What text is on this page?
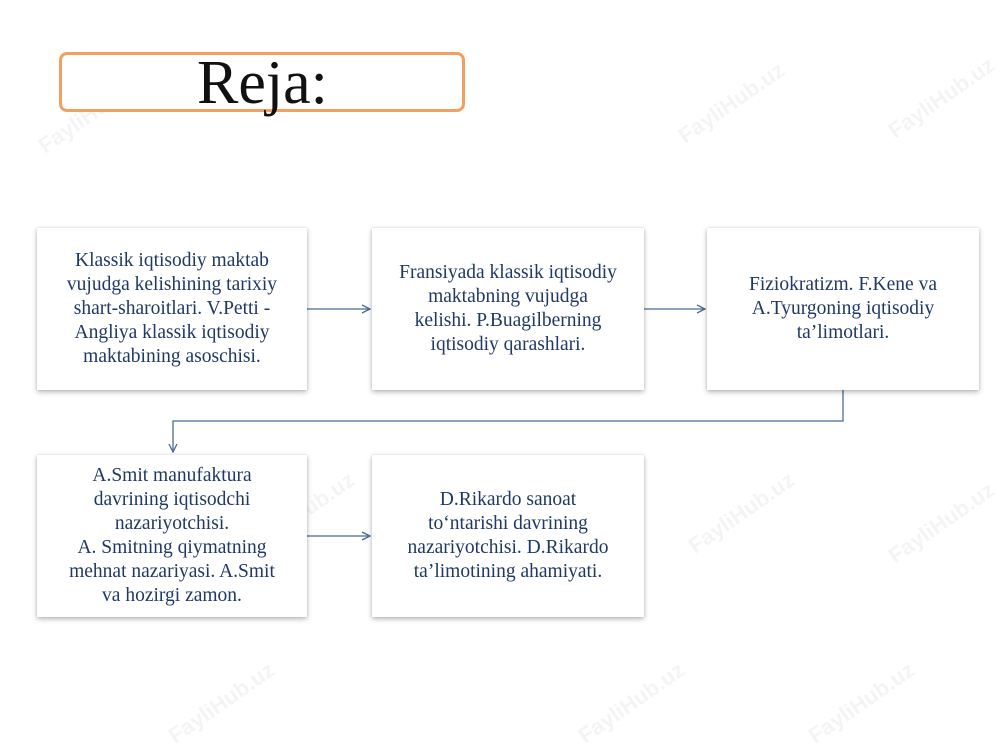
Reja:
Klassik iqtisodiy maktab
vujudga kelishining tarixiy
shart-sharoitlari. V.Petti -
Angliya klassik iqtisodiy
maktabining asoschisi.
Fransiyada klassik iqtisodiy
maktabning vujudga
kelishi. P.Buagilberning
iqtisodiy qarashlari.
Fiziokratizm. F.Kene va
A.Tyurgoning iqtisodiy
ta’limotlari.
A.Smit manufaktura
davrining iqtisodchi
nazariyotchisi.
A. Smitning qiymatning
mehnat nazariyasi. A.Smit
va hozirgi zamon.
D.Rikardo sanoat
to‘ntarishi davrining
nazariyotchisi. D.Rikardo
ta’limotining ahamiyati.
